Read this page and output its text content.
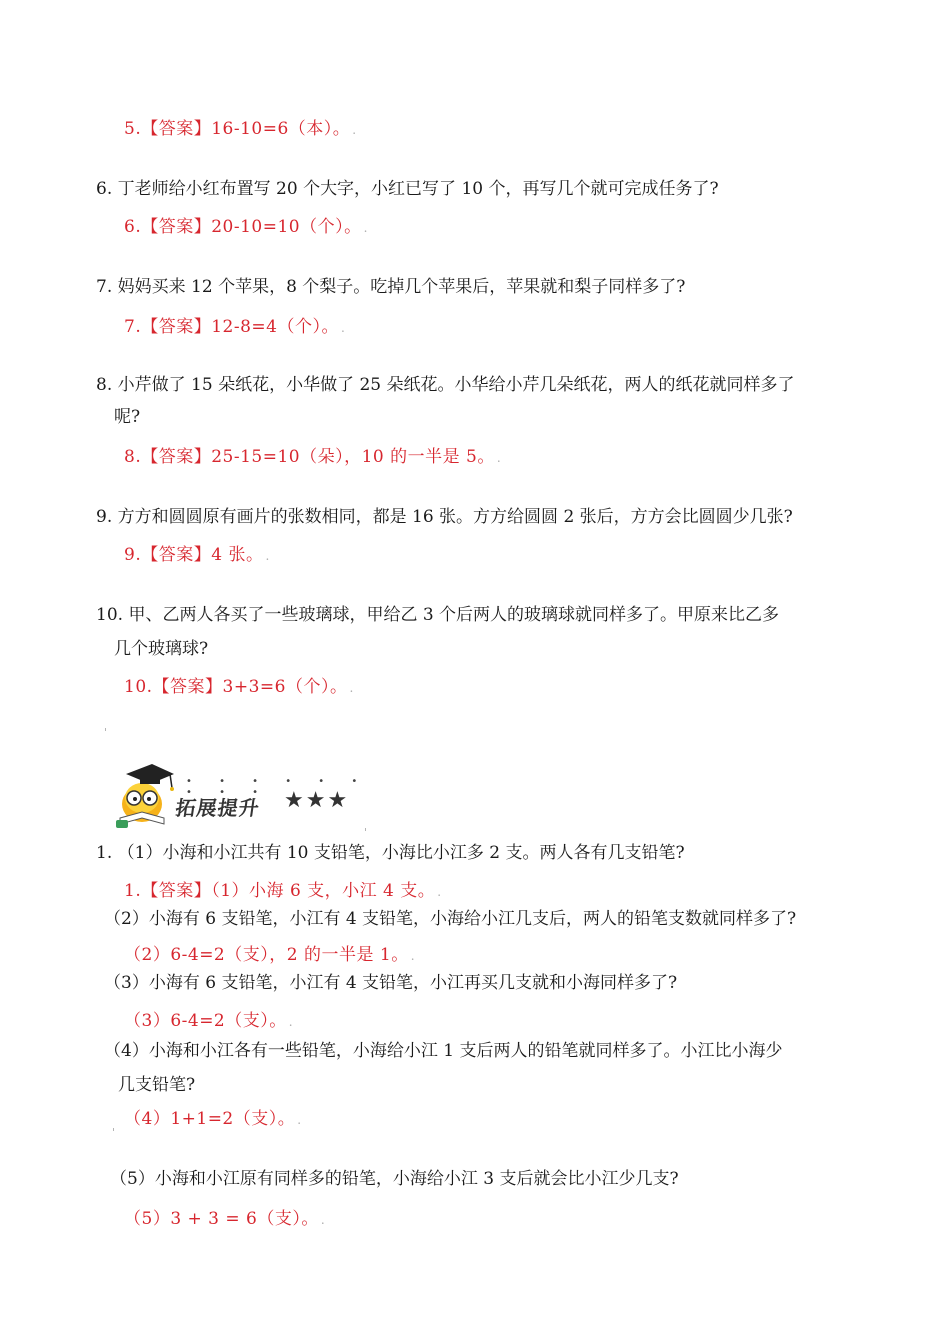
5.【答案】16-10=6（本）。 .
6. 丁老师给小红布置写 20 个大字，小红已写了 10 个，再写几个就可完成任务了?
6.【答案】20-10=10（个）。 .
7. 妈妈买来 12 个苹果，8 个梨子。吃掉几个苹果后，苹果就和梨子同样多了?
7.【答案】12-8=4（个）。 .
8. 小芹做了 15 朵纸花，小华做了 25 朵纸花。小华给小芹几朵纸花，两人的纸花就同样多了
呢?
8.【答案】25-15=10（朵），10 的一半是 5。 .
9. 方方和圆圆原有画片的张数相同，都是 16 张。方方给圆圆 2 张后，方方会比圆圆少几张?
9.【答案】4 张。 .
10. 甲、乙两人各买了一些玻璃球，甲给乙 3 个后两人的玻璃球就同样多了。甲原来比乙多
几个玻璃球?
10.【答案】3+3=6（个）。 .
'
• • • • • • • • •
拓展提升 ★★★
'
1. （1）小海和小江共有 10 支铅笔，小海比小江多 2 支。两人各有几支铅笔?
1.【答案】（1）小海 6 支，小江 4 支。 .
（2）小海有 6 支铅笔，小江有 4 支铅笔，小海给小江几支后，两人的铅笔支数就同样多了?
（2）6-4=2（支），2 的一半是 1。 .
（3）小海有 6 支铅笔，小江有 4 支铅笔，小江再买几支就和小海同样多了?
（3）6-4=2（支）。 .
（4）小海和小江各有一些铅笔，小海给小江 1 支后两人的铅笔就同样多了。小江比小海少
几支铅笔?
（4）1+1=2（支）。 .
'
（5）小海和小江原有同样多的铅笔，小海给小江 3 支后就会比小江少几支?
（5）3 + 3 = 6（支）。 .
